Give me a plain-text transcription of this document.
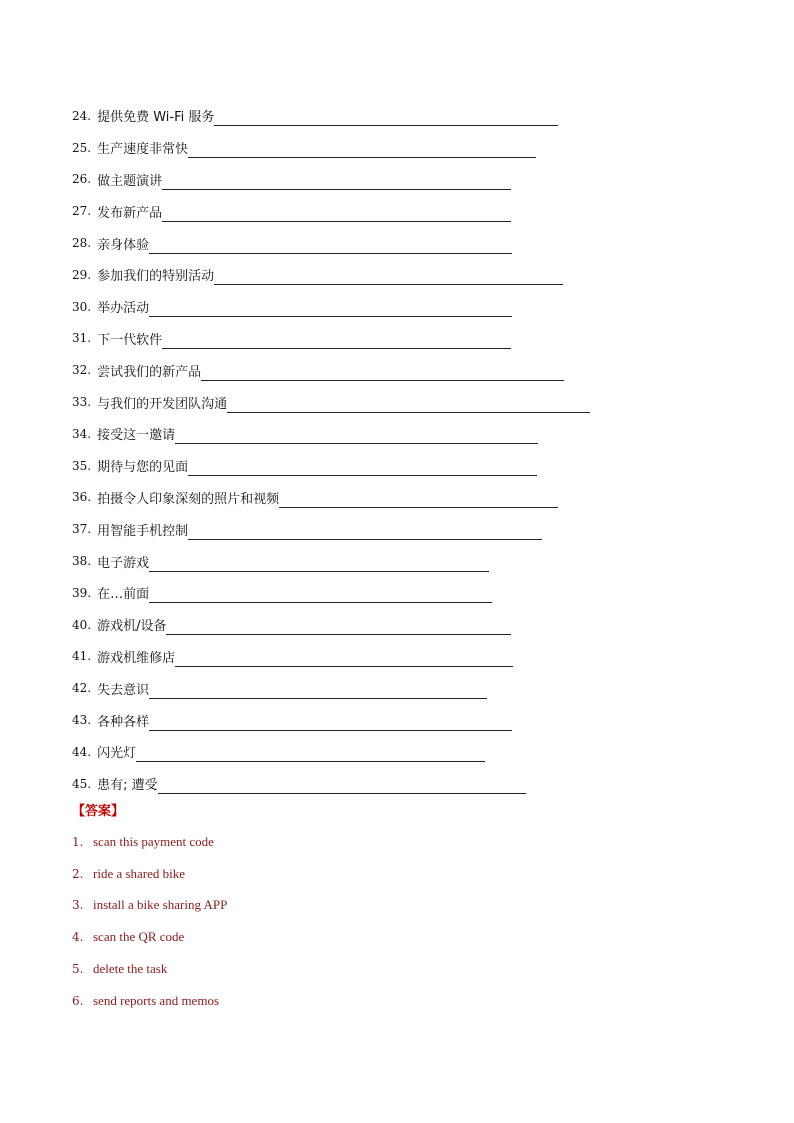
24. 提供免费 Wi-Fi 服务
25. 生产速度非常快
26. 做主题演讲
27. 发布新产品
28. 亲身体验
29. 参加我们的特别活动
30. 举办活动
31. 下一代软件
32. 尝试我们的新产品
33. 与我们的开发团队沟通
34. 接受这一邀请
35. 期待与您的见面
36. 拍摄令人印象深刻的照片和视频
37. 用智能手机控制
38. 电子游戏
39. 在…前面
40. 游戏机/设备
41. 游戏机维修店
42. 失去意识
43. 各种各样
44. 闪光灯
45. 患有; 遭受
【答案】
1. scan this payment code
2. ride a shared bike
3. install a bike sharing APP
4. scan the QR code
5. delete the task
6. send reports and memos
